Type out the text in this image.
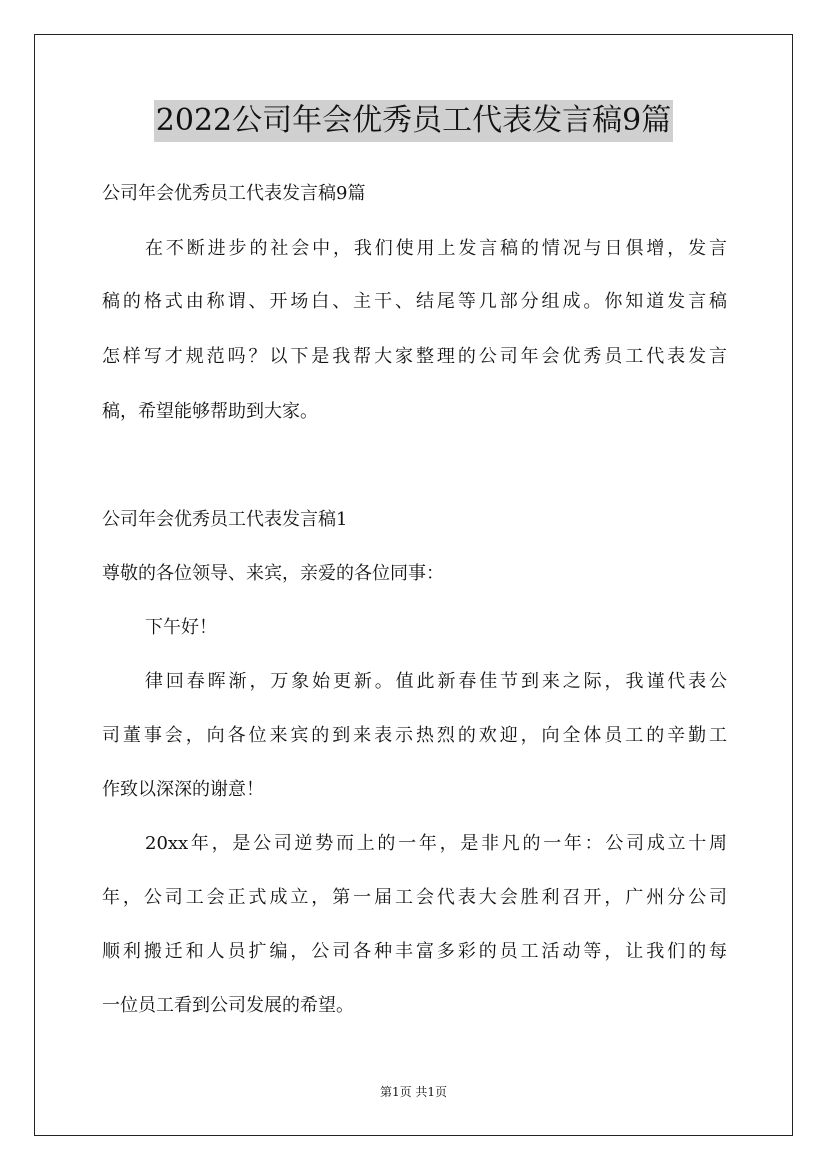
2022公司年会优秀员工代表发言稿9篇
公司年会优秀员工代表发言稿9篇
在不断进步的社会中，我们使用上发言稿的情况与日俱增，发言
稿的格式由称谓、开场白、主干、结尾等几部分组成。你知道发言稿
怎样写才规范吗？以下是我帮大家整理的公司年会优秀员工代表发言
稿，希望能够帮助到大家。
公司年会优秀员工代表发言稿1
尊敬的各位领导、来宾，亲爱的各位同事：
下午好！
律回春晖渐，万象始更新。值此新春佳节到来之际，我谨代表公
司董事会，向各位来宾的到来表示热烈的欢迎，向全体员工的辛勤工
作致以深深的谢意！
20xx年，是公司逆势而上的一年，是非凡的一年：公司成立十周
年，公司工会正式成立，第一届工会代表大会胜利召开，广州分公司
顺利搬迁和人员扩编，公司各种丰富多彩的员工活动等，让我们的每
一位员工看到公司发展的希望。
第1页 共1页
